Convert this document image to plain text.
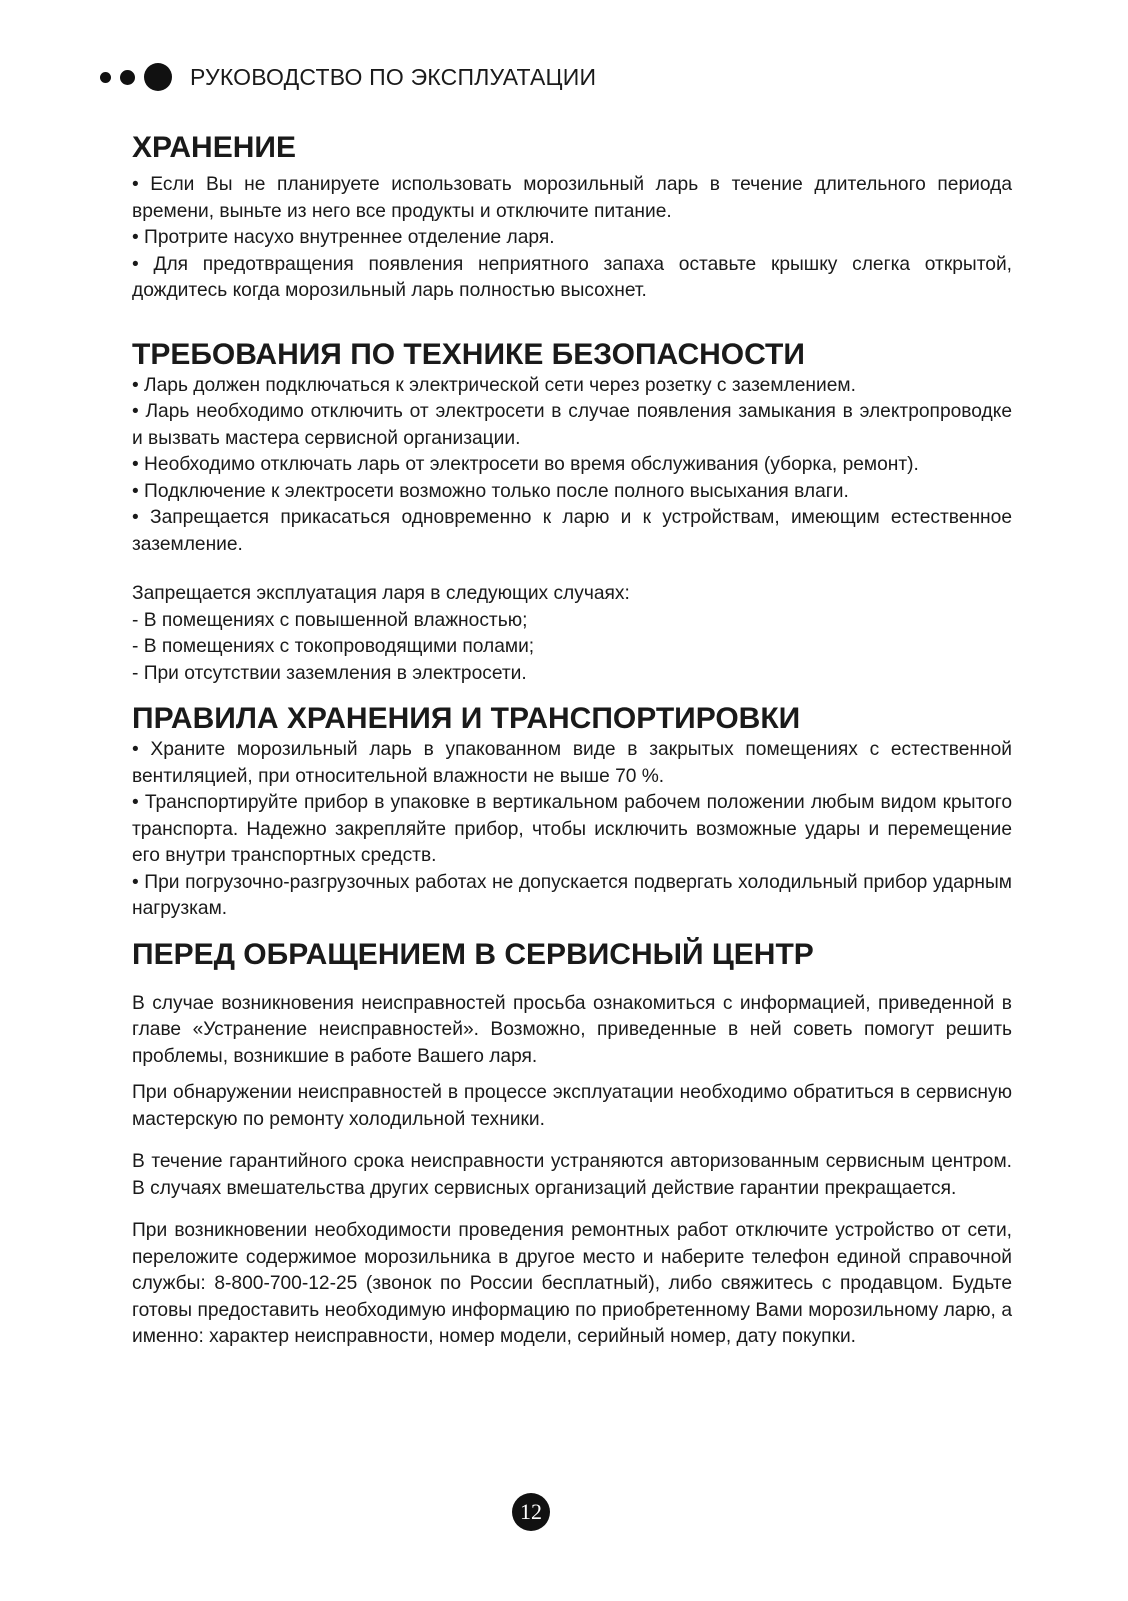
РУКОВОДСТВО ПО ЭКСПЛУАТАЦИИ
ХРАНЕНИЕ

• Если Вы не планируете использовать морозильный ларь в течение длительного периода времени, выньте из него все продукты и отключите питание.

• Протрите насухо внутреннее отделение ларя.

• Для предотвращения появления неприятного запаха оставьте крышку слегка открытой, дождитесь когда морозильный ларь полностью высохнет.

ТРЕБОВАНИЯ ПО ТЕХНИКЕ БЕЗОПАСНОСТИ

• Ларь должен подключаться к электрической сети через розетку с заземлением.

• Ларь необходимо отключить от электросети в случае появления замыкания в электропроводке и вызвать мастера сервисной организации.

• Необходимо отключать ларь от электросети во время обслуживания (уборка, ремонт).

• Подключение к электросети возможно только после полного высыхания влаги.

• Запрещается прикасаться одновременно к ларю и к устройствам, имеющим естественное заземление.

Запрещается эксплуатация ларя в следующих случаях:

- В помещениях с повышенной влажностью;

- В помещениях с токопроводящими полами;

- При отсутствии заземления в электросети.

ПРАВИЛА ХРАНЕНИЯ И ТРАНСПОРТИРОВКИ

• Храните морозильный ларь в упакованном виде в закрытых помещениях с естественной вентиляцией, при относительной влажности не выше 70 %.

• Транспортируйте прибор в упаковке в вертикальном рабочем положении любым видом крытого транспорта. Надежно закрепляйте прибор, чтобы исключить возможные удары и перемещение его внутри транспортных средств.

• При погрузочно-разгрузочных работах не допускается подвергать холодильный прибор ударным нагрузкам.

ПЕРЕД ОБРАЩЕНИЕМ В СЕРВИСНЫЙ ЦЕНТР

В случае возникновения неисправностей просьба ознакомиться с информацией, приведенной в главе «Устранение неисправностей». Возможно, приведенные в ней советь помогут решить проблемы, возникшие в работе Вашего ларя.

При обнаружении неисправностей в процессе эксплуатации необходимо обратиться в сервисную мастерскую по ремонту холодильной техники.

В течение гарантийного срока неисправности устраняются авторизованным сервисным центром. В случаях вмешательства других сервисных организаций действие гарантии прекращается.

При возникновении необходимости проведения ремонтных работ отключите устройство от сети, переложите содержимое морозильника в другое место и наберите телефон единой справочной службы: 8-800-700-12-25 (звонок по России бесплатный), либо свяжитесь с продавцом. Будьте готовы предоставить необходимую информацию по приобретенному Вами морозильному ларю, а именно: характер неисправности, номер модели, серийный номер, дату покупки.

12
